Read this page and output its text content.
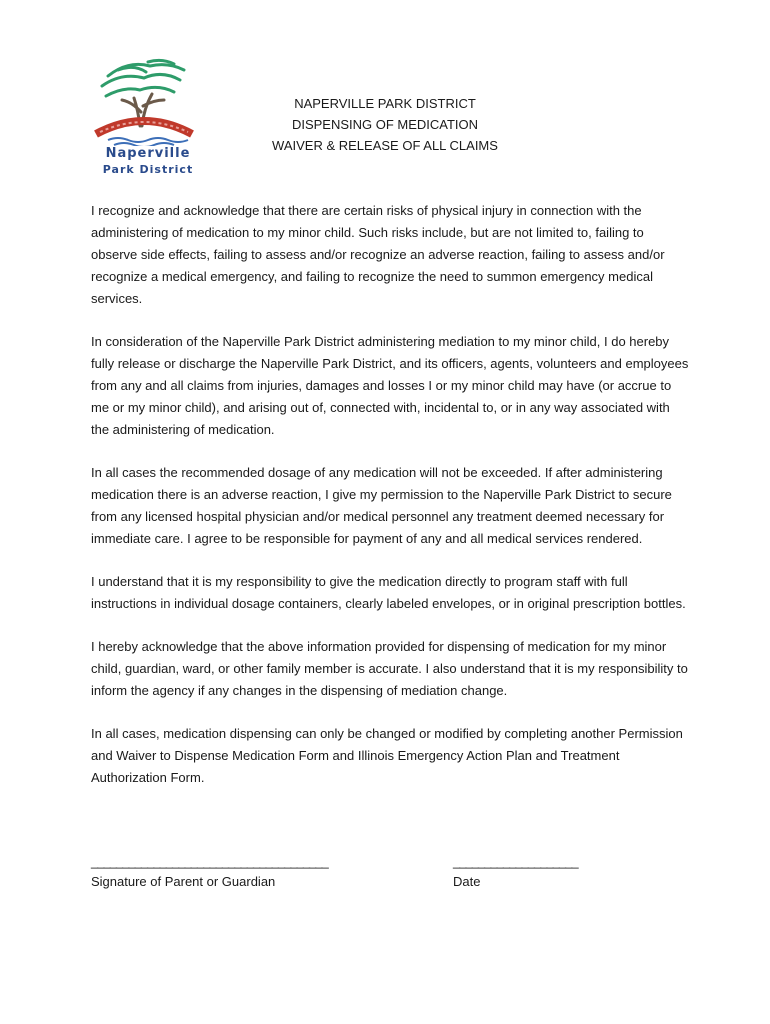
Naperville
Park District
NAPERVILLE PARK DISTRICT
DISPENSING OF MEDICATION
WAIVER & RELEASE OF ALL CLAIMS

I recognize and acknowledge that there are certain risks of physical injury in connection with the administering of medication to my minor child. Such risks include, but are not limited to, failing to observe side effects, failing to assess and/or recognize an adverse reaction, failing to assess and/or recognize a medical emergency, and failing to recognize the need to summon emergency medical services.

In consideration of the Naperville Park District administering mediation to my minor child, I do hereby fully release or discharge the Naperville Park District, and its officers, agents, volunteers and employees from any and all claims from injuries, damages and losses I or my minor child may have (or accrue to me or my minor child), and arising out of, connected with, incidental to, or in any way associated with the administering of medication.

In all cases the recommended dosage of any medication will not be exceeded. If after administering medication there is an adverse reaction, I give my permission to the Naperville Park District to secure from any licensed hospital physician and/or medical personnel any treatment deemed necessary for immediate care. I agree to be responsible for payment of any and all medical services rendered.

I understand that it is my responsibility to give the medication directly to program staff with full instructions in individual dosage containers, clearly labeled envelopes, or in original prescription bottles.

I hereby acknowledge that the above information provided for dispensing of medication for my minor child, guardian, ward, or other family member is accurate. I also understand that it is my responsibility to inform the agency if any changes in the dispensing of mediation change.

In all cases, medication dispensing can only be changed or modified by completing another Permission and Waiver to Dispense Medication Form and Illinois Emergency Action Plan and Treatment Authorization Form.

______________________________________
Signature of Parent or Guardian
____________________
Date
